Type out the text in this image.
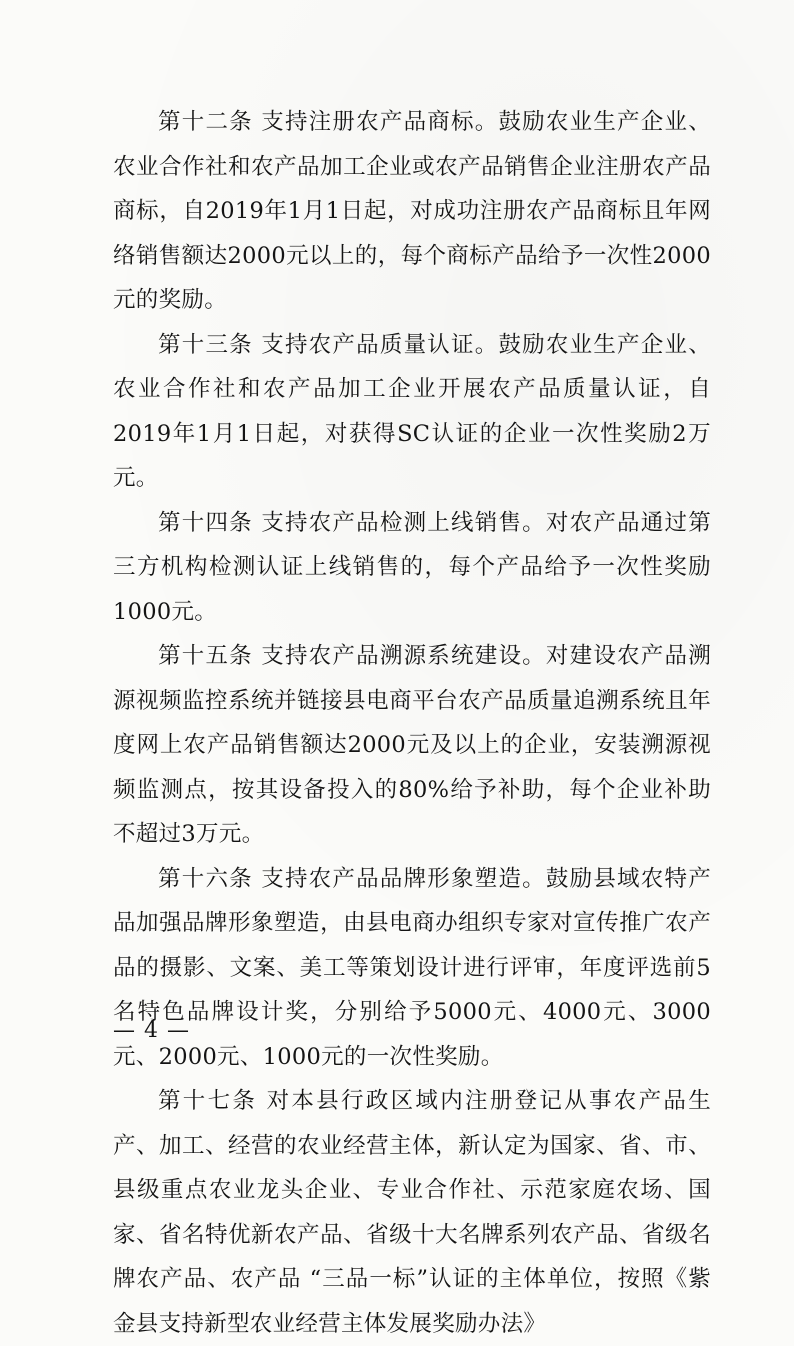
第十二条 支持注册农产品商标。鼓励农业生产企业、农业合作社和农产品加工企业或农产品销售企业注册农产品商标，自2019年1月1日起，对成功注册农产品商标且年网络销售额达2000元以上的，每个商标产品给予一次性2000元的奖励。

第十三条 支持农产品质量认证。鼓励农业生产企业、农业合作社和农产品加工企业开展农产品质量认证，自2019年1月1日起，对获得SC认证的企业一次性奖励2万元。

第十四条 支持农产品检测上线销售。对农产品通过第三方机构检测认证上线销售的，每个产品给予一次性奖励1000元。

第十五条 支持农产品溯源系统建设。对建设农产品溯源视频监控系统并链接县电商平台农产品质量追溯系统且年度网上农产品销售额达2000元及以上的企业，安装溯源视频监测点，按其设备投入的80%给予补助，每个企业补助不超过3万元。

第十六条 支持农产品品牌形象塑造。鼓励县域农特产品加强品牌形象塑造，由县电商办组织专家对宣传推广农产品的摄影、文案、美工等策划设计进行评审，年度评选前5名特色品牌设计奖，分别给予5000元、4000元、3000元、2000元、1000元的一次性奖励。

第十七条 对本县行政区域内注册登记从事农产品生产、加工、经营的农业经营主体，新认定为国家、省、市、县级重点农业龙头企业、专业合作社、示范家庭农场、国家、省名特优新农产品、省级十大名牌系列农产品、省级名牌农产品、农产品 “三品一标”认证的主体单位，按照《紫金县支持新型农业经营主体发展奖励办法》

— 4 —
